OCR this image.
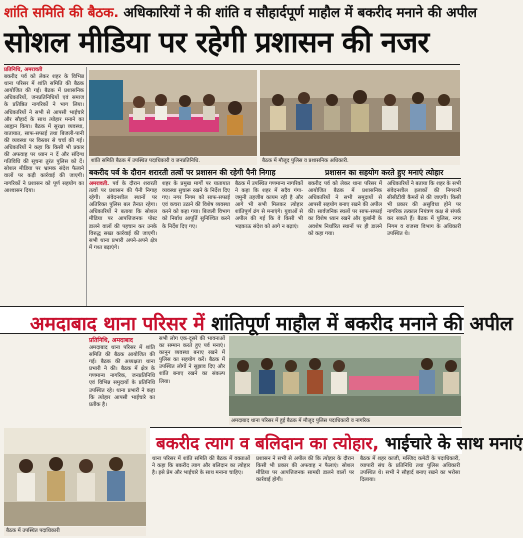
शांति समिति की बैठक. अधिकारियों ने की शांति व सौहार्दपूर्ण माहौल में बकरीद मनाने की अपील
सोशल मीडिया पर रहेगी प्रशासन की नजर

प्रतिनिधि, अमरावती

बकरीद पर्व को लेकर शहर के विभिन्न थाना परिसर में शांति समिति की बैठक आयोजित की गई। बैठक में प्रशासनिक अधिकारियों, जनप्रतिनिधियों एवं समाज के प्रतिष्ठित नागरिकों ने भाग लिया। अधिकारियों ने सभी से आपसी भाईचारे और सौहार्द के साथ त्योहार मनाने का आह्वान किया। बैठक में सुरक्षा व्यवस्था, यातायात, साफ-सफाई तथा बिजली-पानी की व्यवस्था पर विस्तार से चर्चा की गई। अधिकारियों ने कहा कि किसी भी प्रकार की अफवाह पर ध्यान न दें और संदिग्ध गतिविधि की सूचना तुरंत पुलिस को दें। सोशल मीडिया पर भ्रामक संदेश फैलाने वालों पर कड़ी कार्रवाई की जाएगी। नागरिकों ने प्रशासन को पूर्ण सहयोग का आश्वासन दिया।

शांति समिति बैठक में उपस्थित पदाधिकारी व जनप्रतिनिधि.	बैठक में मौजूद पुलिस व प्रशासनिक अधिकारी.
बकरीद पर्व के दौरान शरारती तत्वों पर प्रशासन की रहेगी पैनी निगाह	प्रशासन का सहयोग करते हुए मनाएं त्योहार

अमरावती. पर्व के दौरान शरारती तत्वों पर प्रशासन की पैनी निगाह रहेगी। संवेदनशील स्थानों पर अतिरिक्त पुलिस बल तैनात रहेगा। अधिकारियों ने बताया कि सोशल मीडिया पर आपत्तिजनक पोस्ट डालने वालों की पहचान कर उनके विरुद्ध सख्त कार्रवाई की जाएगी। सभी थाना प्रभारी अपने-अपने क्षेत्र में गश्त बढ़ाएंगे।

शहर के प्रमुख मार्गों पर यातायात व्यवस्था सुचारू रखने के निर्देश दिए गए। नगर निगम को साफ-सफाई एवं कचरा उठाने की विशेष व्यवस्था करने को कहा गया। बिजली विभाग को निर्बाध आपूर्ति सुनिश्चित करने के निर्देश दिए गए।

बैठक में उपस्थित गणमान्य नागरिकों ने कहा कि शहर में सदैव गंगा-जमुनी तहजीब कायम रही है और आगे भी सभी मिलकर त्योहार शांतिपूर्ण ढंग से मनाएंगे। युवाओं से अपील की गई कि वे किसी भी भड़काऊ संदेश को आगे न बढ़ाएं।

बकरीद पर्व को लेकर थाना परिसर में आयोजित बैठक में प्रशासनिक अधिकारियों ने सभी समुदायों से आपसी सहयोग बनाए रखने की अपील की। सार्वजनिक स्थलों पर साफ-सफाई का विशेष ध्यान रखने और कुर्बानी के अवशेष निर्धारित स्थानों पर ही डालने को कहा गया।

अधिकारियों ने बताया कि शहर के सभी संवेदनशील इलाकों की निगरानी सीसीटीवी कैमरों से की जाएगी। किसी भी प्रकार की असुविधा होने पर नागरिक तत्काल नियंत्रण कक्ष से संपर्क कर सकते हैं। बैठक में पुलिस, नगर निगम व राजस्व विभाग के अधिकारी उपस्थित थे।

अमदाबाद थाना परिसर में शांतिपूर्ण माहौल में बकरीद मनाने की अपील
प्रतिनिधि, अमदाबाद

अमदाबाद थाना परिसर में शांति समिति की बैठक आयोजित की गई। बैठक की अध्यक्षता थाना प्रभारी ने की। बैठक में क्षेत्र के गणमान्य नागरिक, जनप्रतिनिधि एवं विभिन्न समुदायों के प्रतिनिधि उपस्थित रहे। थाना प्रभारी ने कहा कि त्योहार आपसी भाईचारे का प्रतीक है।

सभी लोग एक-दूसरे की भावनाओं का सम्मान करते हुए पर्व मनाएं। कानून व्यवस्था बनाए रखने में पुलिस का सहयोग करें। बैठक में उपस्थित लोगों ने सुझाव दिए और शांति बनाए रखने का संकल्प लिया।

अमदाबाद थाना परिसर में हुई बैठक में मौजूद पुलिस पदाधिकारी व नागरिक
बैठक में उपस्थित पदाधिकारी
बकरीद त्याग व बलिदान का त्योहार, भाईचारे के साथ मनाएं

थाना परिसर में शांति समिति की बैठक में वक्ताओं ने कहा कि बकरीद त्याग और बलिदान का त्योहार है। इसे प्रेम और भाईचारे के साथ मनाना चाहिए।

प्रशासन ने सभी से अपील की कि त्योहार के दौरान किसी भी प्रकार की अफवाह न फैलाएं। सोशल मीडिया पर आपत्तिजनक सामग्री डालने वालों पर कार्रवाई होगी।

बैठक में शहर काजी, मस्जिद कमेटी के पदाधिकारी, व्यापारी संघ के प्रतिनिधि तथा पुलिस अधिकारी उपस्थित थे। सभी ने सौहार्द बनाए रखने का भरोसा दिलाया।
